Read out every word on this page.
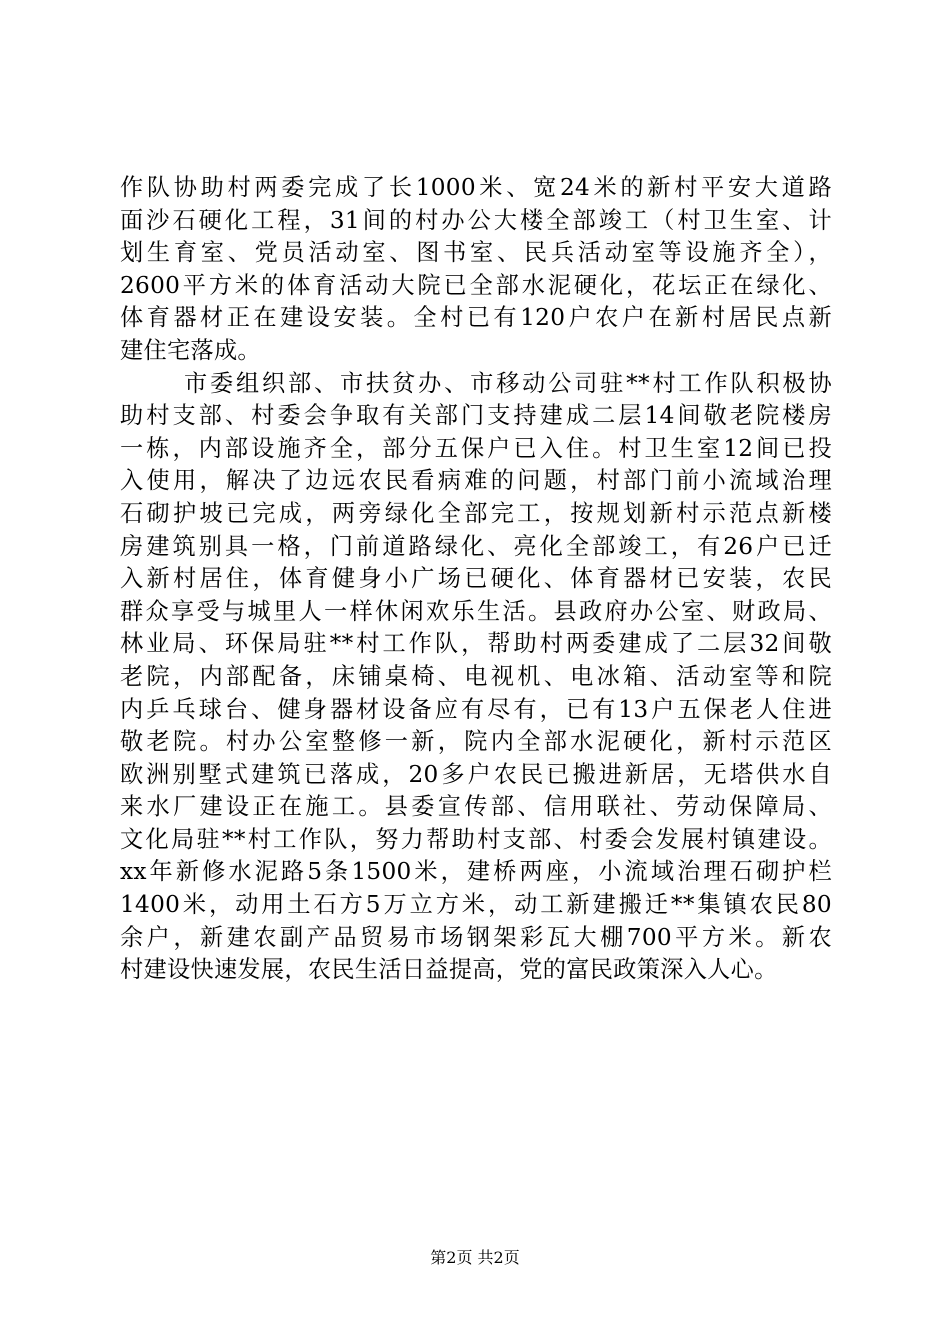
作队协助村两委完成了长1000米、宽24米的新村平安大道路
面沙石硬化工程，31间的村办公大楼全部竣工（村卫生室、计
划生育室、党员活动室、图书室、民兵活动室等设施齐全），
2600平方米的体育活动大院已全部水泥硬化，花坛正在绿化、
体育器材正在建设安装。全村已有120户农户在新村居民点新
建住宅落成。
市委组织部、市扶贫办、市移动公司驻**村工作队积极协
助村支部、村委会争取有关部门支持建成二层14间敬老院楼房
一栋，内部设施齐全，部分五保户已入住。村卫生室12间已投
入使用，解决了边远农民看病难的问题，村部门前小流域治理
石砌护坡已完成，两旁绿化全部完工，按规划新村示范点新楼
房建筑别具一格，门前道路绿化、亮化全部竣工，有26户已迁
入新村居住，体育健身小广场已硬化、体育器材已安装，农民
群众享受与城里人一样休闲欢乐生活。县政府办公室、财政局、
林业局、环保局驻**村工作队，帮助村两委建成了二层32间敬
老院，内部配备，床铺桌椅、电视机、电冰箱、活动室等和院
内乒乓球台、健身器材设备应有尽有，已有13户五保老人住进
敬老院。村办公室整修一新，院内全部水泥硬化，新村示范区
欧洲别墅式建筑已落成，20多户农民已搬进新居，无塔供水自
来水厂建设正在施工。县委宣传部、信用联社、劳动保障局、
文化局驻**村工作队，努力帮助村支部、村委会发展村镇建设。
xx年新修水泥路5条1500米，建桥两座，小流域治理石砌护栏
1400米，动用土石方5万立方米，动工新建搬迁**集镇农民80
余户，新建农副产品贸易市场钢架彩瓦大棚700平方米。新农
村建设快速发展，农民生活日益提高，党的富民政策深入人心。
第2页 共2页
